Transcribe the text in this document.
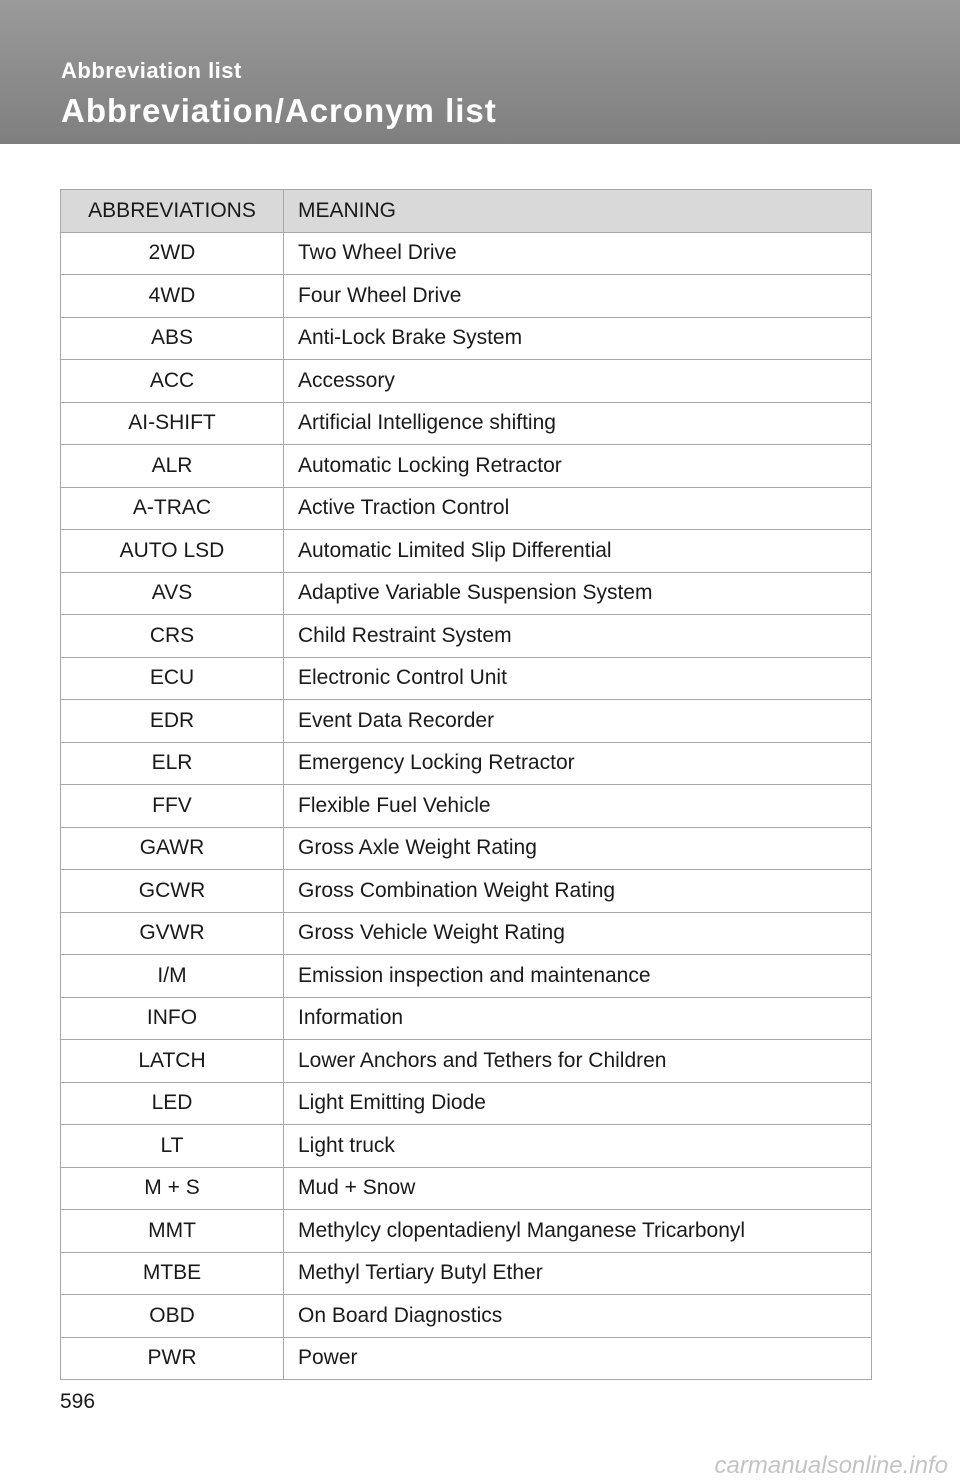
Abbreviation list
Abbreviation/Acronym list
ABBREVIATIONS	MEANING
2WD	Two Wheel Drive
4WD	Four Wheel Drive
ABS	Anti-Lock Brake System
ACC	Accessory
AI-SHIFT	Artificial Intelligence shifting
ALR	Automatic Locking Retractor
A-TRAC	Active Traction Control
AUTO LSD	Automatic Limited Slip Differential
AVS	Adaptive Variable Suspension System
CRS	Child Restraint System
ECU	Electronic Control Unit
EDR	Event Data Recorder
ELR	Emergency Locking Retractor
FFV	Flexible Fuel Vehicle
GAWR	Gross Axle Weight Rating
GCWR	Gross Combination Weight Rating
GVWR	Gross Vehicle Weight Rating
I/M	Emission inspection and maintenance
INFO	Information
LATCH	Lower Anchors and Tethers for Children
LED	Light Emitting Diode
LT	Light truck
M + S	Mud + Snow
MMT	Methylcy clopentadienyl Manganese Tricarbonyl
MTBE	Methyl Tertiary Butyl Ether
OBD	On Board Diagnostics
PWR	Power
596
carmanualsonline.info
